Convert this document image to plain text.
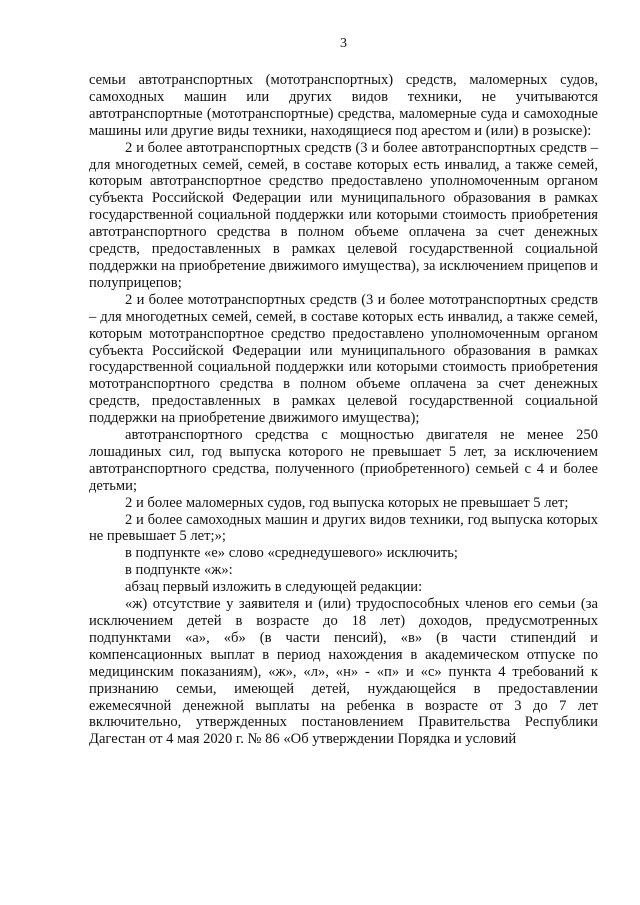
3

семьи автотранспортных (мототранспортных) средств, маломерных судов, самоходных машин или других видов техники, не учитываются автотранспортные (мототранспортные) средства, маломерные суда и самоходные машины или другие виды техники, находящиеся под арестом и (или) в розыске):

2 и более автотранспортных средств (3 и более автотранспортных средств – для многодетных семей, семей, в составе которых есть инвалид, а также семей, которым автотранспортное средство предоставлено уполномоченным органом субъекта Российской Федерации или муниципального образования в рамках государственной социальной поддержки или которыми стоимость приобретения автотранспортного средства в полном объеме оплачена за счет денежных средств, предоставленных в рамках целевой государственной социальной поддержки на приобретение движимого имущества), за исключением прицепов и полуприцепов;

2 и более мототранспортных средств (3 и более мототранспортных средств – для многодетных семей, семей, в составе которых есть инвалид, а также семей, которым мототранспортное средство предоставлено уполномоченным органом субъекта Российской Федерации или муниципального образования в рамках государственной социальной поддержки или которыми стоимость приобретения мототранспортного средства в полном объеме оплачена за счет денежных средств, предоставленных в рамках целевой государственной социальной поддержки на приобретение движимого имущества);

автотранспортного средства с мощностью двигателя не менее 250 лошадиных сил, год выпуска которого не превышает 5 лет, за исключением автотранспортного средства, полученного (приобретенного) семьей с 4 и более детьми;

2 и более маломерных судов, год выпуска которых не превышает 5 лет;

2 и более самоходных машин и других видов техники, год выпуска которых не превышает 5 лет;»;

в подпункте «е» слово «среднедушевого» исключить;

в подпункте «ж»:

абзац первый изложить в следующей редакции:

«ж) отсутствие у заявителя и (или) трудоспособных членов его семьи (за исключением детей в возрасте до 18 лет) доходов, предусмотренных подпунктами «а», «б» (в части пенсий), «в» (в части стипендий и компенсационных выплат в период нахождения в академическом отпуске по медицинским показаниям), «ж», «л», «н» - «п» и «с» пункта 4 требований к признанию семьи, имеющей детей, нуждающейся в предоставлении ежемесячной денежной выплаты на ребенка в возрасте от 3 до 7 лет включительно, утвержденных постановлением Правительства Республики Дагестан от 4 мая 2020 г. № 86 «Об утверждении Порядка и условий
